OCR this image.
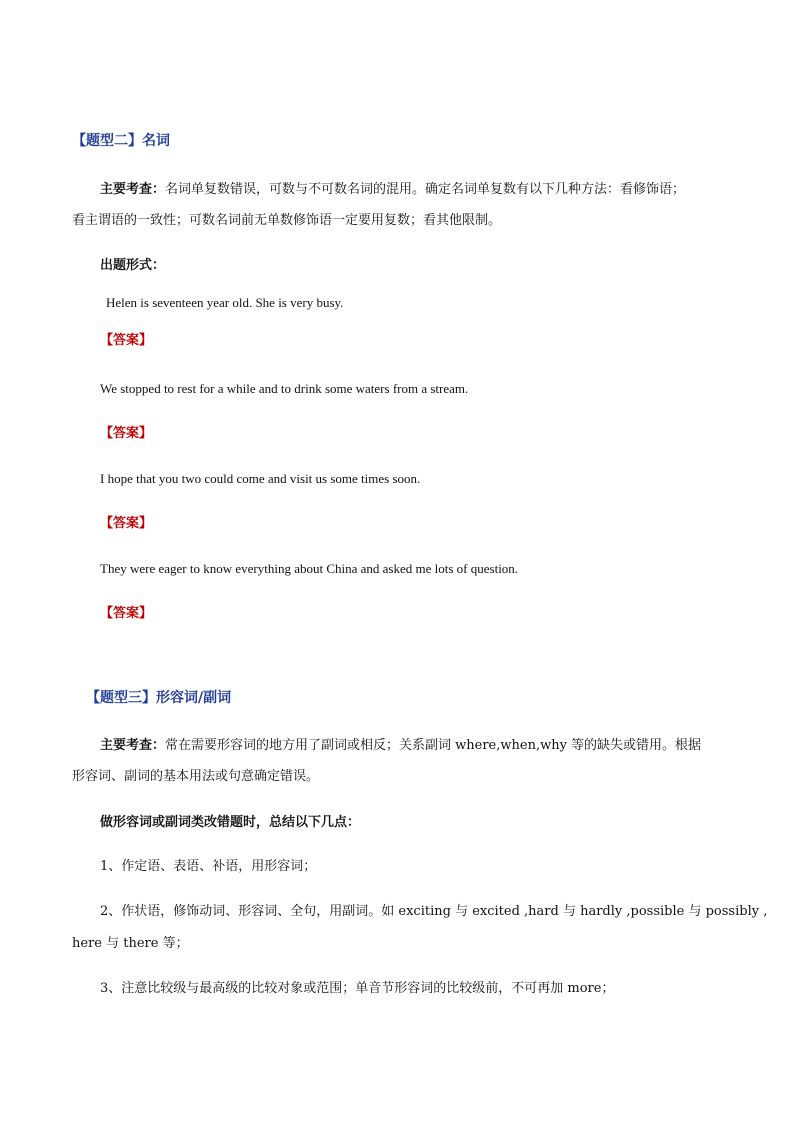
【题型二】名词
主要考查：名词单复数错误，可数与不可数名词的混用。确定名词单复数有以下几种方法：看修饰语；
看主谓语的一致性；可数名词前无单数修饰语一定要用复数；看其他限制。
出题形式：
Helen is seventeen year old. She is very busy.
【答案】
We stopped to rest for a while and to drink some waters from a stream.
【答案】
I hope that you two could come and visit us some times soon.
【答案】
They were eager to know everything about China and asked me lots of question.
【答案】
【题型三】形容词/副词
主要考查：常在需要形容词的地方用了副词或相反；关系副词 where,when,why 等的缺失或错用。根据
形容词、副词的基本用法或句意确定错误。
做形容词或副词类改错题时，总结以下几点：
1、作定语、表语、补语，用形容词；
2、作状语，修饰动词、形容词、全句，用副词。如 exciting 与 excited ,hard 与 hardly ,possible 与 possibly ,
here 与 there 等；
3、注意比较级与最高级的比较对象或范围；单音节形容词的比较级前，不可再加 more；
